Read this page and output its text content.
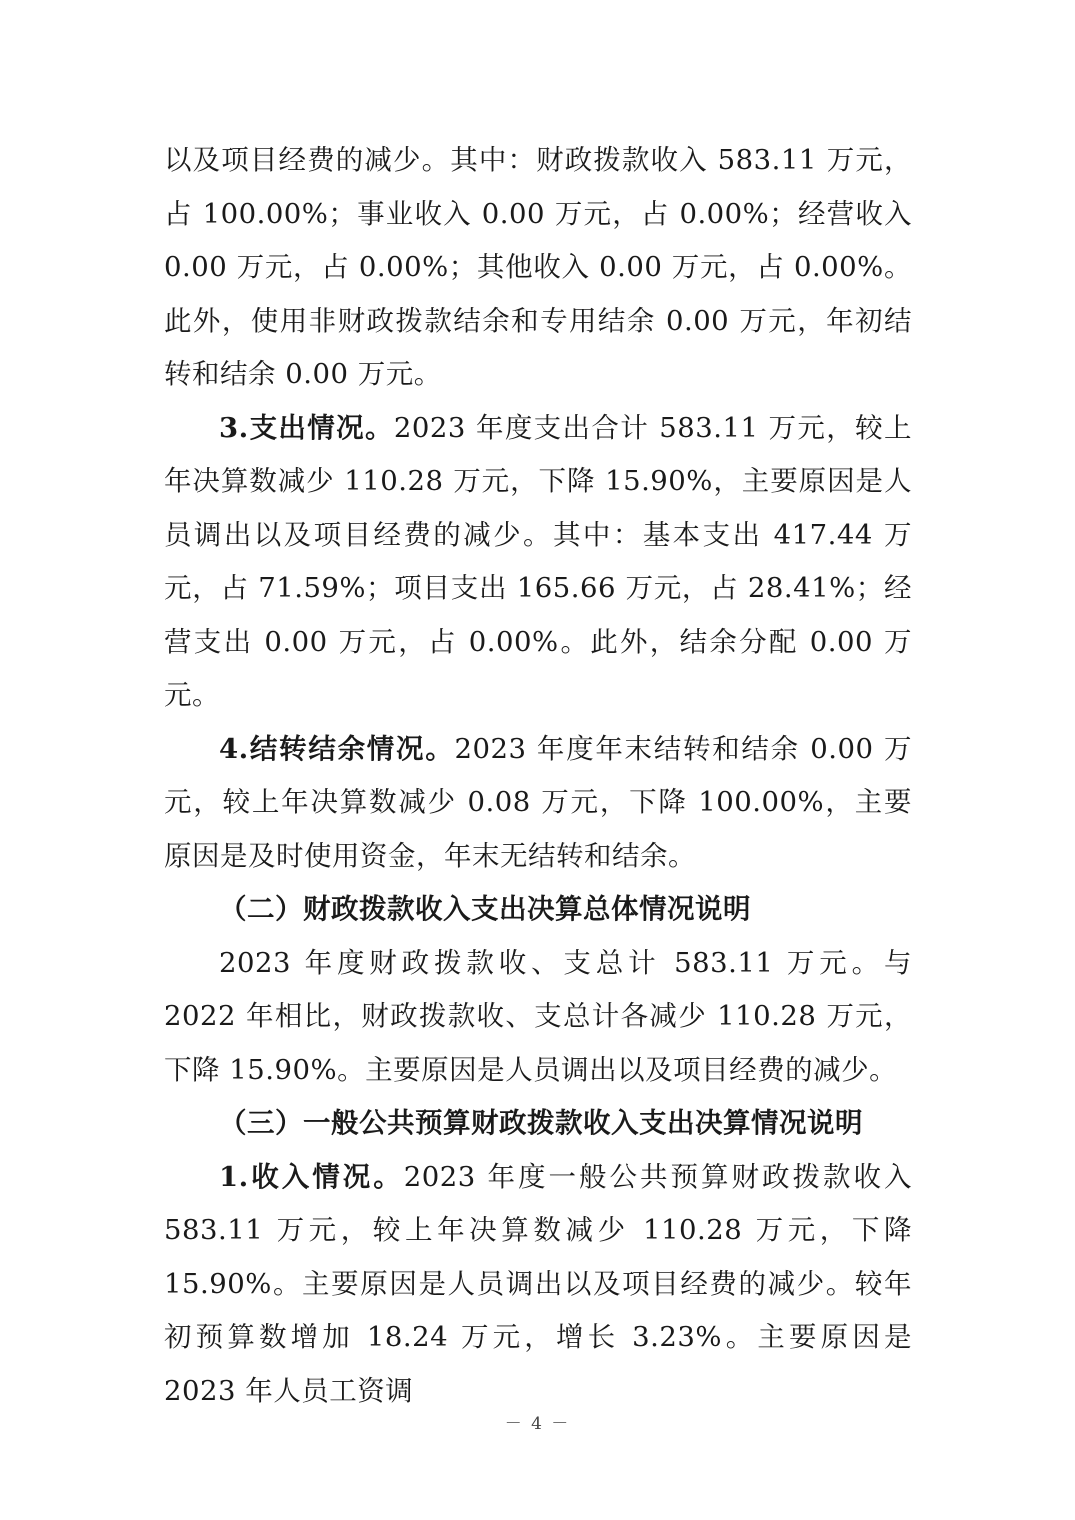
以及项目经费的减少。其中：财政拨款收入 583.11 万元，占 100.00%；事业收入 0.00 万元，占 0.00%；经营收入 0.00 万元，占 0.00%；其他收入 0.00 万元，占 0.00%。此外，使用非财政拨款结余和专用结余 0.00 万元，年初结转和结余 0.00 万元。

3.支出情况。2023 年度支出合计 583.11 万元，较上年决算数减少 110.28 万元，下降 15.90%，主要原因是人员调出以及项目经费的减少。其中：基本支出 417.44 万元，占 71.59%；项目支出 165.66 万元，占 28.41%；经营支出 0.00 万元，占 0.00%。此外，结余分配 0.00 万元。

4.结转结余情况。2023 年度年末结转和结余 0.00 万元，较上年决算数减少 0.08 万元，下降 100.00%，主要原因是及时使用资金，年末无结转和结余。

（二）财政拨款收入支出决算总体情况说明

2023 年度财政拨款收、支总计 583.11 万元。与 2022 年相比，财政拨款收、支总计各减少 110.28 万元，下降 15.90%。主要原因是人员调出以及项目经费的减少。

（三）一般公共预算财政拨款收入支出决算情况说明

1.收入情况。2023 年度一般公共预算财政拨款收入 583.11 万元，较上年决算数减少 110.28 万元，下降 15.90%。主要原因是人员调出以及项目经费的减少。较年初预算数增加 18.24 万元，增长 3.23%。主要原因是 2023 年人员工资调

－ 4 －
